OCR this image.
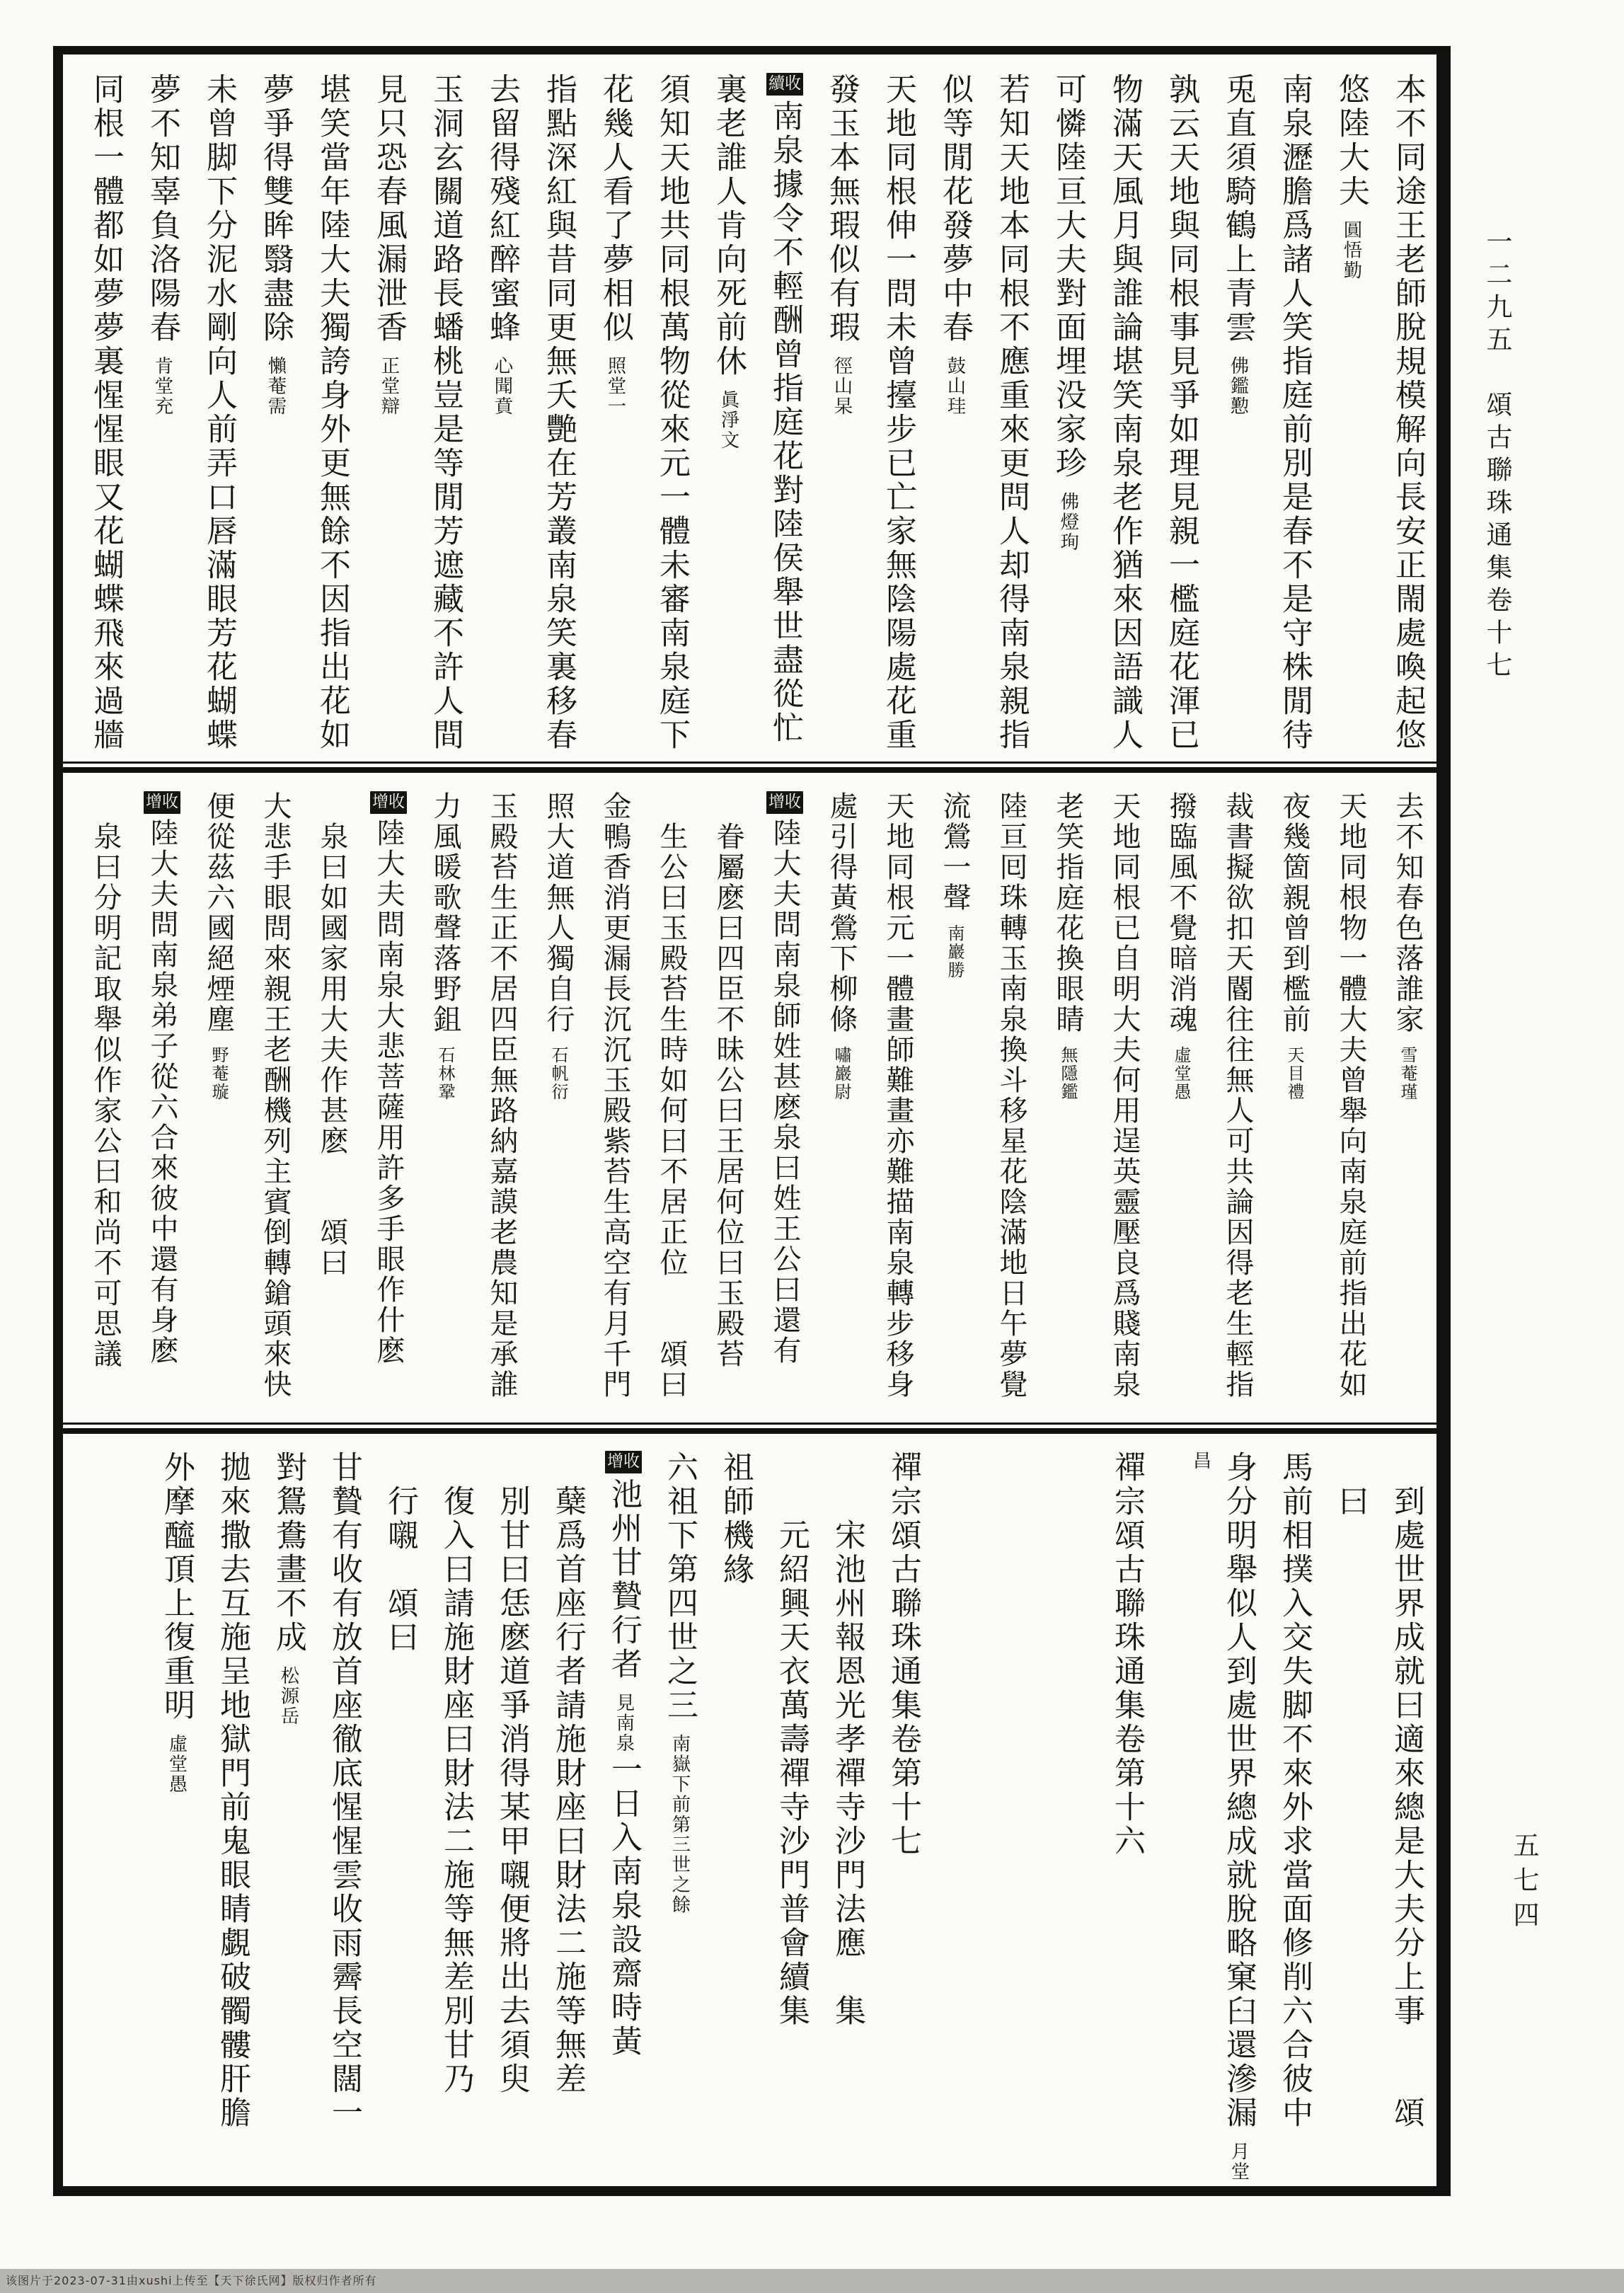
本不同途王老師脫規模解向長安正閙處喚起悠
悠陸大夫圓悟勤
南泉瀝膽爲諸人笑指庭前別是春不是守株閒待
兎直須騎鶴上青雲佛鑑懃
孰云天地與同根事見爭如理見親一檻庭花渾已
物滿天風月與誰論堪笑南泉老作猶來因語識人
可憐陸亘大夫對面埋没家珍佛燈珣
若知天地本同根不應重來更問人却得南泉親指
似等閒花發夢中春鼓山珪
天地同根伸一問未曾擡步已亡家無陰陽處花重
發玉本無瑕似有瑕徑山杲
續收南泉據令不輕酬曾指庭花對陸侯舉世盡從忙
裏老誰人肯向死前休眞淨文
須知天地共同根萬物從來元一體未審南泉庭下
花幾人看了夢相似照堂一
指點深紅與昔同更無夭艷在芳叢南泉笑裏移春
去留得殘紅醉蜜蜂心聞賁
玉洞玄關道路長蟠桃豈是等閒芳遮藏不許人間
見只恐春風漏泄香正堂辯
堪笑當年陸大夫獨誇身外更無餘不因指出花如
夢爭得雙眸翳盡除懶菴需
未曾脚下分泥水剛向人前弄口唇滿眼芳花蝴蝶
夢不知辜負洛陽春肯堂充
同根一體都如夢夢裏惺惺眼又花蝴蝶飛來過牆
去不知春色落誰家雪菴瑾
天地同根物一體大夫曾舉向南泉庭前指出花如
夜幾箇親曾到檻前天目禮
裁書擬欲扣天閽往往無人可共論因得老生輕指
撥臨風不覺暗消魂虛堂愚
天地同根已自明大夫何用逞英靈壓良爲賤南泉
老笑指庭花換眼睛無隱鑑
陸亘囘珠轉玉南泉換斗移星花陰滿地日午夢覺
流鶯一聲南巖勝
天地同根元一體畫師難畫亦難描南泉轉步移身
處引得黃鶯下柳條嘯巖尉
增收陸大夫問南泉師姓甚麽泉曰姓王公曰還有
眷屬麽曰四臣不昧公曰王居何位曰玉殿苔
生公曰玉殿苔生時如何曰不居正位　　頌曰
金鴨香消更漏長沉沉玉殿紫苔生高空有月千門
照大道無人獨自行石帆衍
玉殿苔生正不居四臣無路納嘉謨老農知是承誰
力風暖歌聲落野鉏石林鞏
增收陸大夫問南泉大悲菩薩用許多手眼作什麽
泉曰如國家用大夫作甚麽　　頌曰
大悲手眼問來親王老酬機列主賓倒轉鎗頭來快
便從茲六國絕煙塵野菴璇
增收陸大夫問南泉弟子從六合來彼中還有身麽
泉曰分明記取舉似作家公曰和尚不可思議
到處世界成就曰適來總是大夫分上事　　頌
曰
馬前相撲入交失脚不來外求當面修削六合彼中
身分明舉似人到處世界總成就脫略窠臼還滲漏月堂昌
禪宗頌古聯珠通集卷第十六
禪宗頌古聯珠通集卷第十七
宋池州報恩光孝禪寺沙門法應　集
元紹興天衣萬壽禪寺沙門普會續集
祖師機緣
六祖下第四世之三南嶽下前第三世之餘
增收池州甘贄行者見南泉一日入南泉設齋時黃
蘖爲首座行者請施財座曰財法二施等無差
別甘曰恁麽道爭消得某甲嚫便將出去須臾
復入曰請施財座曰財法二施等無差別甘乃
行嚫　頌曰
甘贄有收有放首座徹底惺惺雲收雨霽長空闊一
對鴛鴦畫不成松源岳
拋來撒去互施呈地獄門前鬼眼睛覷破髑髏肝膽
外摩醯頂上復重明虛堂愚
一二九五　頌古聯珠通集卷十七
五七四
该图片于2023-07-31由xushi上传至【天下徐氏网】版权归作者所有
